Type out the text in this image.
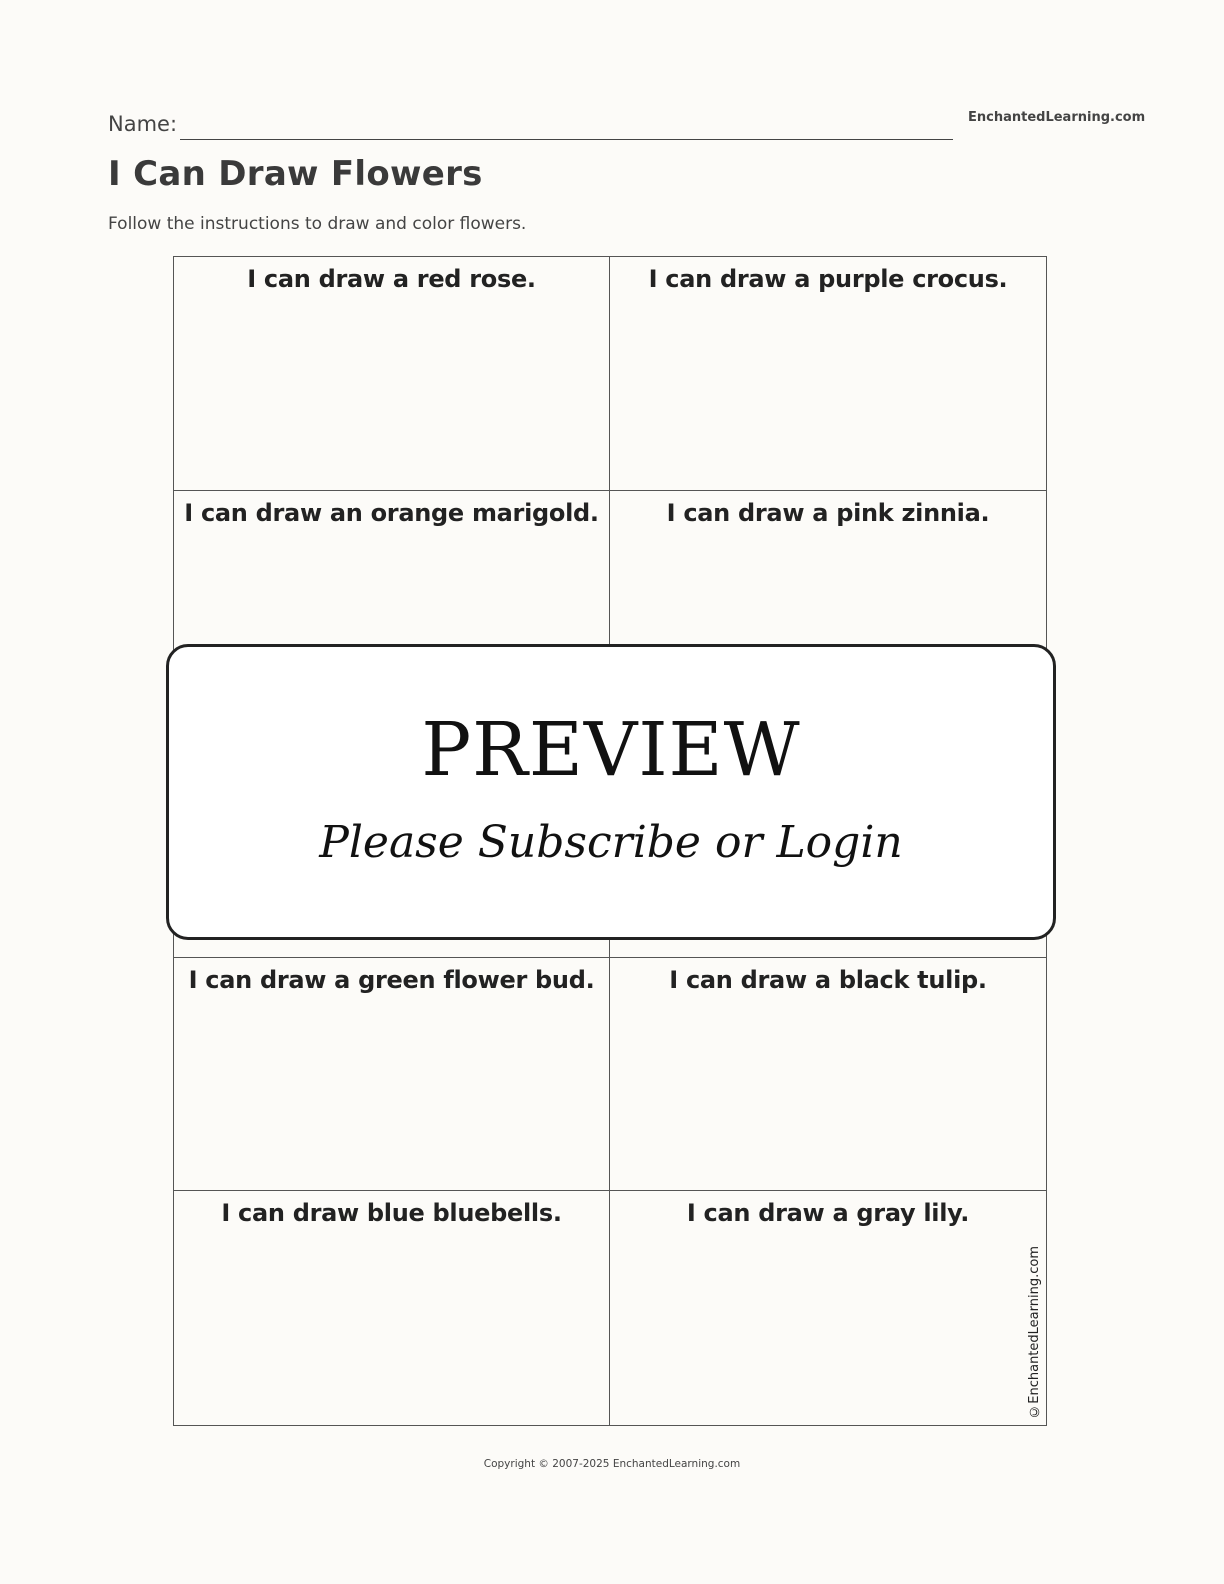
Name:	EnchantedLearning.com
I Can Draw Flowers
Follow the instructions to draw and color flowers.
I can draw a red rose.	I can draw a purple crocus.
I can draw an orange marigold.	I can draw a pink zinnia.
I can draw a green flower bud.	I can draw a black tulip.
I can draw blue bluebells.	I can draw a gray lily.
©EnchantedLearning.com
PREVIEW
Please Subscribe or Login
Copyright © 2007-2025 EnchantedLearning.com
